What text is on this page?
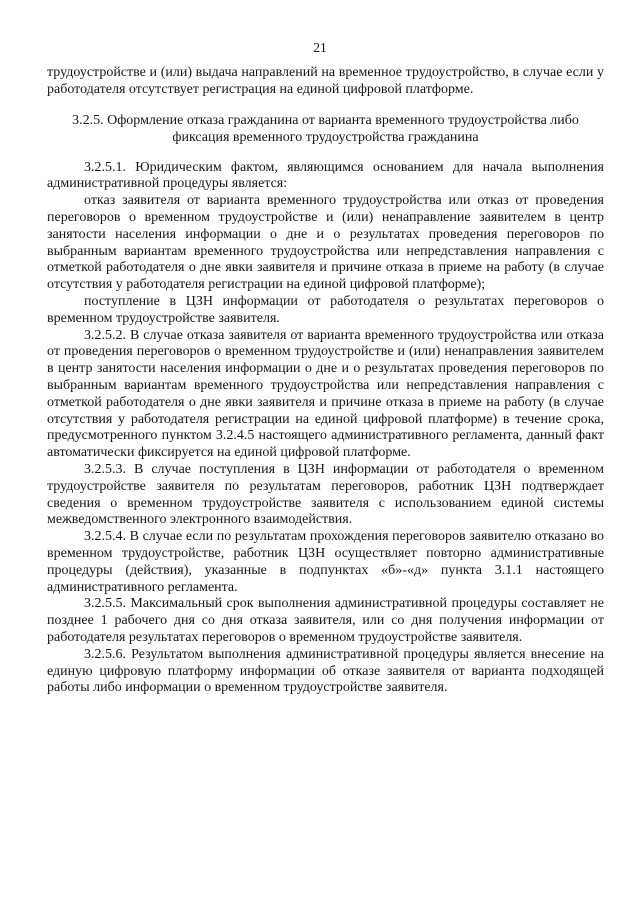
21

трудоустройстве и (или) выдача направлений на временное трудоустройство, в случае если у работодателя отсутствует регистрация на единой цифровой платформе.

3.2.5. Оформление отказа гражданина от варианта временного трудоустройства либо фиксация временного трудоустройства гражданина

3.2.5.1. Юридическим фактом, являющимся основанием для начала выполнения административной процедуры является:

отказ заявителя от варианта временного трудоустройства или отказ от проведения переговоров о временном трудоустройстве и (или) ненаправление заявителем в центр занятости населения информации о дне и о результатах проведения переговоров по выбранным вариантам временного трудоустройства или непредставления направления с отметкой работодателя о дне явки заявителя и причине отказа в приеме на работу (в случае отсутствия у работодателя регистрации на единой цифровой платформе);

поступление в ЦЗН информации от работодателя о результатах переговоров о временном трудоустройстве заявителя.

3.2.5.2. В случае отказа заявителя от варианта временного трудоустройства или отказа от проведения переговоров о временном трудоустройстве и (или) ненаправления заявителем в центр занятости населения информации о дне и о результатах проведения переговоров по выбранным вариантам временного трудоустройства или непредставления направления с отметкой работодателя о дне явки заявителя и причине отказа в приеме на работу (в случае отсутствия у работодателя регистрации на единой цифровой платформе) в течение срока, предусмотренного пунктом 3.2.4.5 настоящего административного регламента, данный факт автоматически фиксируется на единой цифровой платформе.

3.2.5.3. В случае поступления в ЦЗН информации от работодателя о временном трудоустройстве заявителя по результатам переговоров, работник ЦЗН подтверждает сведения о временном трудоустройстве заявителя с использованием единой системы межведомственного электронного взаимодействия.

3.2.5.4. В случае если по результатам прохождения переговоров заявителю отказано во временном трудоустройстве, работник ЦЗН осуществляет повторно административные процедуры (действия), указанные в подпунктах «б»-«д» пункта 3.1.1 настоящего административного регламента.

3.2.5.5. Максимальный срок выполнения административной процедуры составляет не позднее 1 рабочего дня со дня отказа заявителя, или со дня получения информации от работодателя результатах переговоров о временном трудоустройстве заявителя.

3.2.5.6. Результатом выполнения административной процедуры является внесение на единую цифровую платформу информации об отказе заявителя от варианта подходящей работы либо информации о временном трудоустройстве заявителя.
